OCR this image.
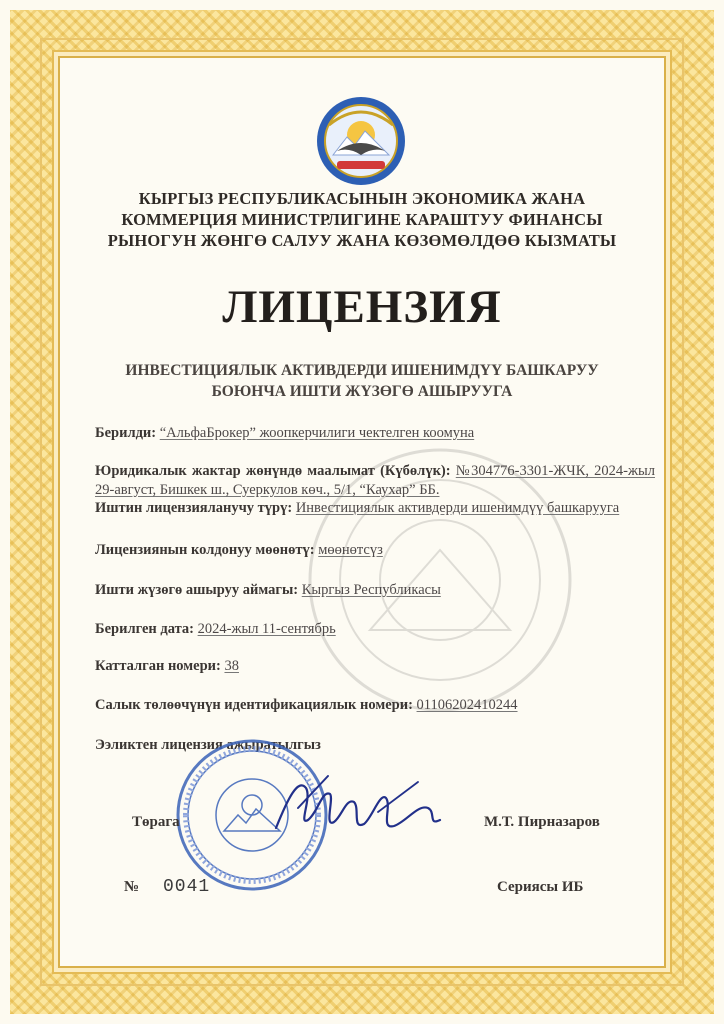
КЫРГЫЗ РЕСПУБЛИКАСЫНЫН ЭКОНОМИКА ЖАНА
КОММЕРЦИЯ МИНИСТРЛИГИНЕ КАРАШТУУ ФИНАНСЫ
РЫНОГУН ЖӨНГӨ САЛУУ ЖАНА КӨЗӨМӨЛДӨӨ КЫЗМАТЫ
ЛИЦЕНЗИЯ
ИНВЕСТИЦИЯЛЫК АКТИВДЕРДИ ИШЕНИМДҮҮ БАШКАРУУ
БОЮНЧА ИШТИ ЖҮЗӨГӨ АШЫРУУГА
Берилди: “АльфаБрокер” жоопкерчилиги чектелген коомуна
Юридикалык жактар жөнүндө маалымат (Күбөлүк): №304776-3301-ЖЧК, 2024-жыл 29-август, Бишкек ш., Суеркулов көч., 5/1, “Каухар” ББ.
Иштин лицензияланучу түрү: Инвестициялык активдерди ишенимдүү башкарууга
Лицензиянын колдонуу мөөнөтү: мөөнөтсүз
Ишти жүзөгө ашыруу аймагы: Кыргыз Республикасы
Берилген дата: 2024-жыл 11-сентябрь
Катталган номери: 38
Салык төлөөчүнүн идентификациялык номери: 01106202410244
Ээликтен лицензия ажыратылгыз
Төрага	М.Т. Пирназаров
№ 0041	Сериясы ИБ
